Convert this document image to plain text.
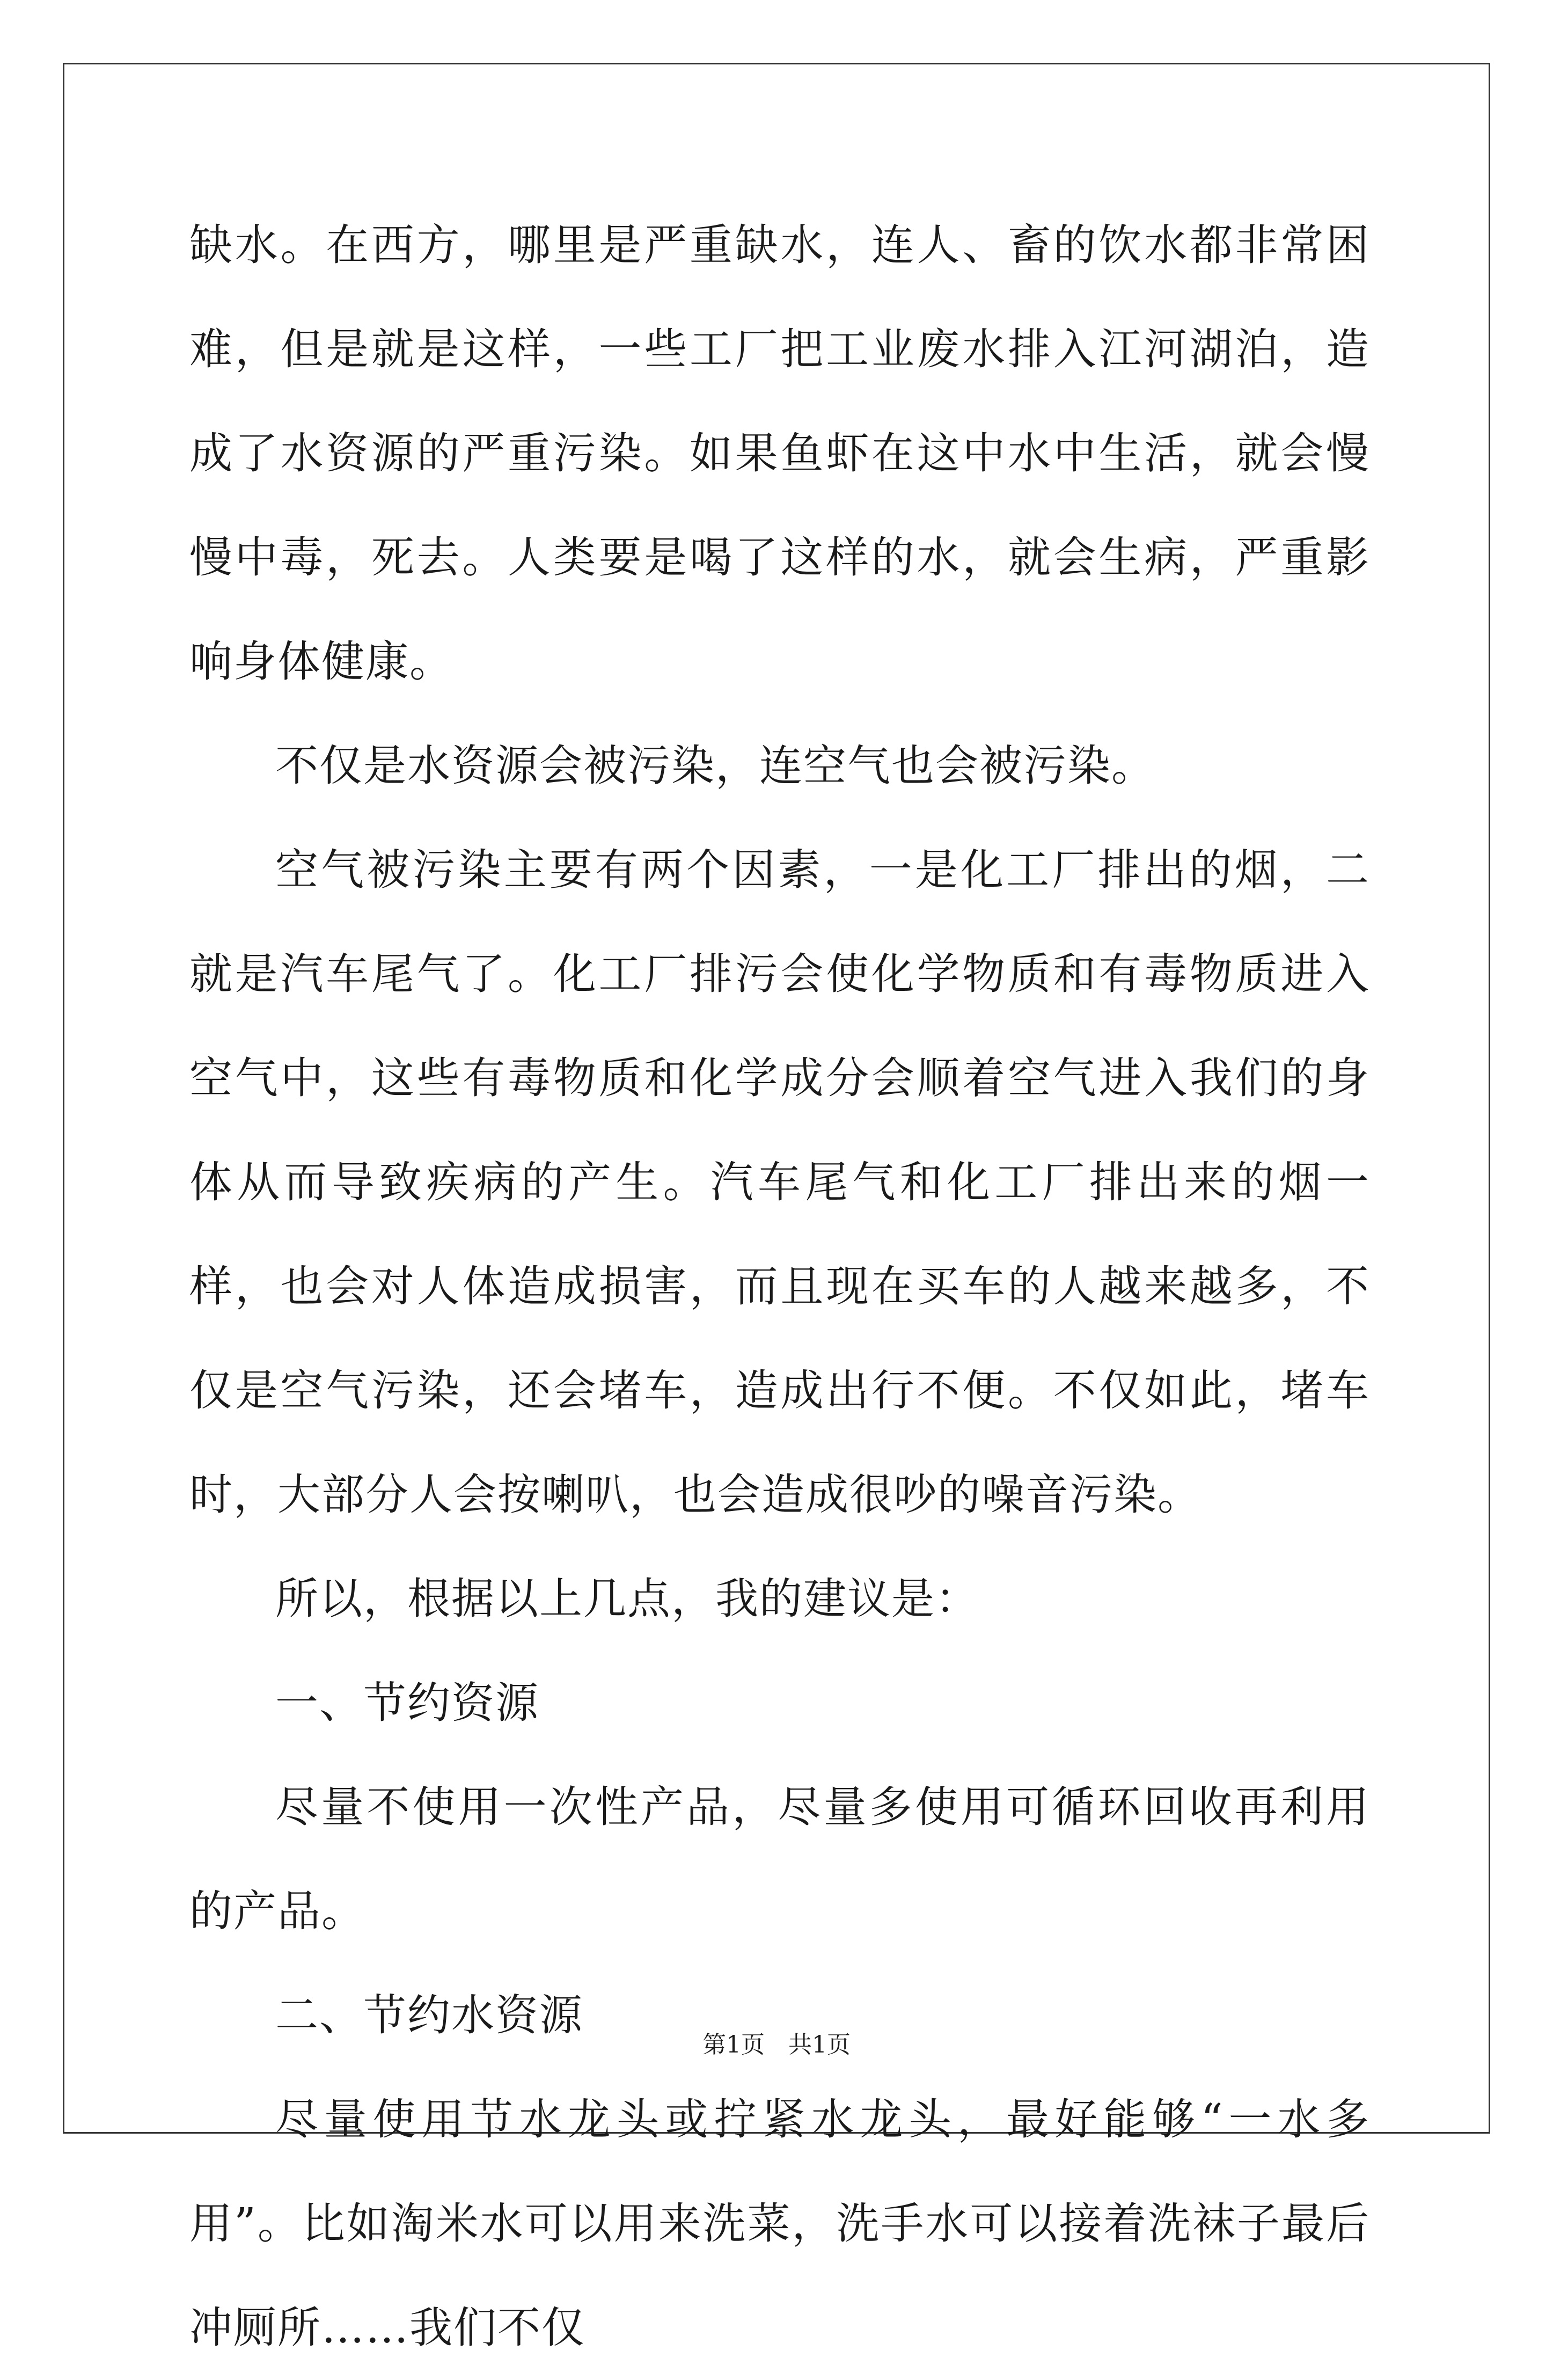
缺水。在西方，哪里是严重缺水，连人、畜的饮水都非常困难，但是就是这样，一些工厂把工业废水排入江河湖泊，造成了水资源的严重污染。如果鱼虾在这中水中生活，就会慢慢中毒，死去。人类要是喝了这样的水，就会生病，严重影响身体健康。

不仅是水资源会被污染，连空气也会被污染。

空气被污染主要有两个因素，一是化工厂排出的烟，二就是汽车尾气了。化工厂排污会使化学物质和有毒物质进入空气中，这些有毒物质和化学成分会顺着空气进入我们的身体从而导致疾病的产生。汽车尾气和化工厂排出来的烟一样，也会对人体造成损害，而且现在买车的人越来越多，不仅是空气污染，还会堵车，造成出行不便。不仅如此，堵车时，大部分人会按喇叭，也会造成很吵的噪音污染。

所以，根据以上几点，我的建议是：

一、节约资源

尽量不使用一次性产品，尽量多使用可循环回收再利用的产品。

二、节约水资源

尽量使用节水龙头或拧紧水龙头，最好能够“一水多用”。比如淘米水可以用来洗菜，洗手水可以接着洗袜子最后冲厕所……我们不仅

第1页　共1页
